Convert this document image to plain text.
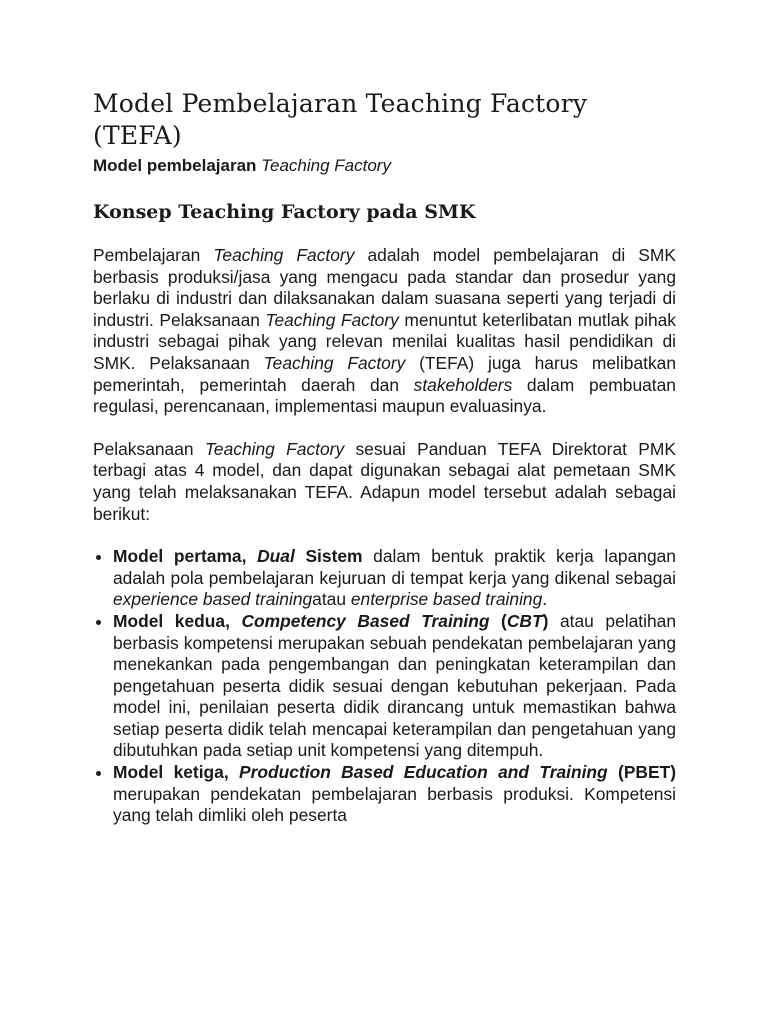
Model Pembelajaran Teaching Factory (TEFA)
Model pembelajaran Teaching Factory
Konsep Teaching Factory pada SMK

Pembelajaran Teaching Factory adalah model pembelajaran di SMK berbasis produksi/jasa yang mengacu pada standar dan prosedur yang berlaku di industri dan dilaksanakan dalam suasana seperti yang terjadi di industri. Pelaksanaan Teaching Factory menuntut keterlibatan mutlak pihak industri sebagai pihak yang relevan menilai kualitas hasil pendidikan di SMK. Pelaksanaan Teaching Factory (TEFA) juga harus melibatkan pemerintah, pemerintah daerah dan stakeholders dalam pembuatan regulasi, perencanaan, implementasi maupun evaluasinya.

Pelaksanaan Teaching Factory sesuai Panduan TEFA Direktorat PMK terbagi atas 4 model, dan dapat digunakan sebagai alat pemetaan SMK yang telah melaksanakan TEFA. Adapun model tersebut adalah sebagai berikut:

Model pertama, Dual Sistem dalam bentuk praktik kerja lapangan adalah pola pembelajaran kejuruan di tempat kerja yang dikenal sebagai experience based trainingatau enterprise based training.
Model kedua, Competency Based Training (CBT) atau pelatihan berbasis kompetensi merupakan sebuah pendekatan pembelajaran yang menekankan pada pengembangan dan peningkatan keterampilan dan pengetahuan peserta didik sesuai dengan kebutuhan pekerjaan. Pada model ini, penilaian peserta didik dirancang untuk memastikan bahwa setiap peserta didik telah mencapai keterampilan dan pengetahuan yang dibutuhkan pada setiap unit kompetensi yang ditempuh.
Model ketiga, Production Based Education and Training (PBET) merupakan pendekatan pembelajaran berbasis produksi. Kompetensi yang telah dimliki oleh peserta
